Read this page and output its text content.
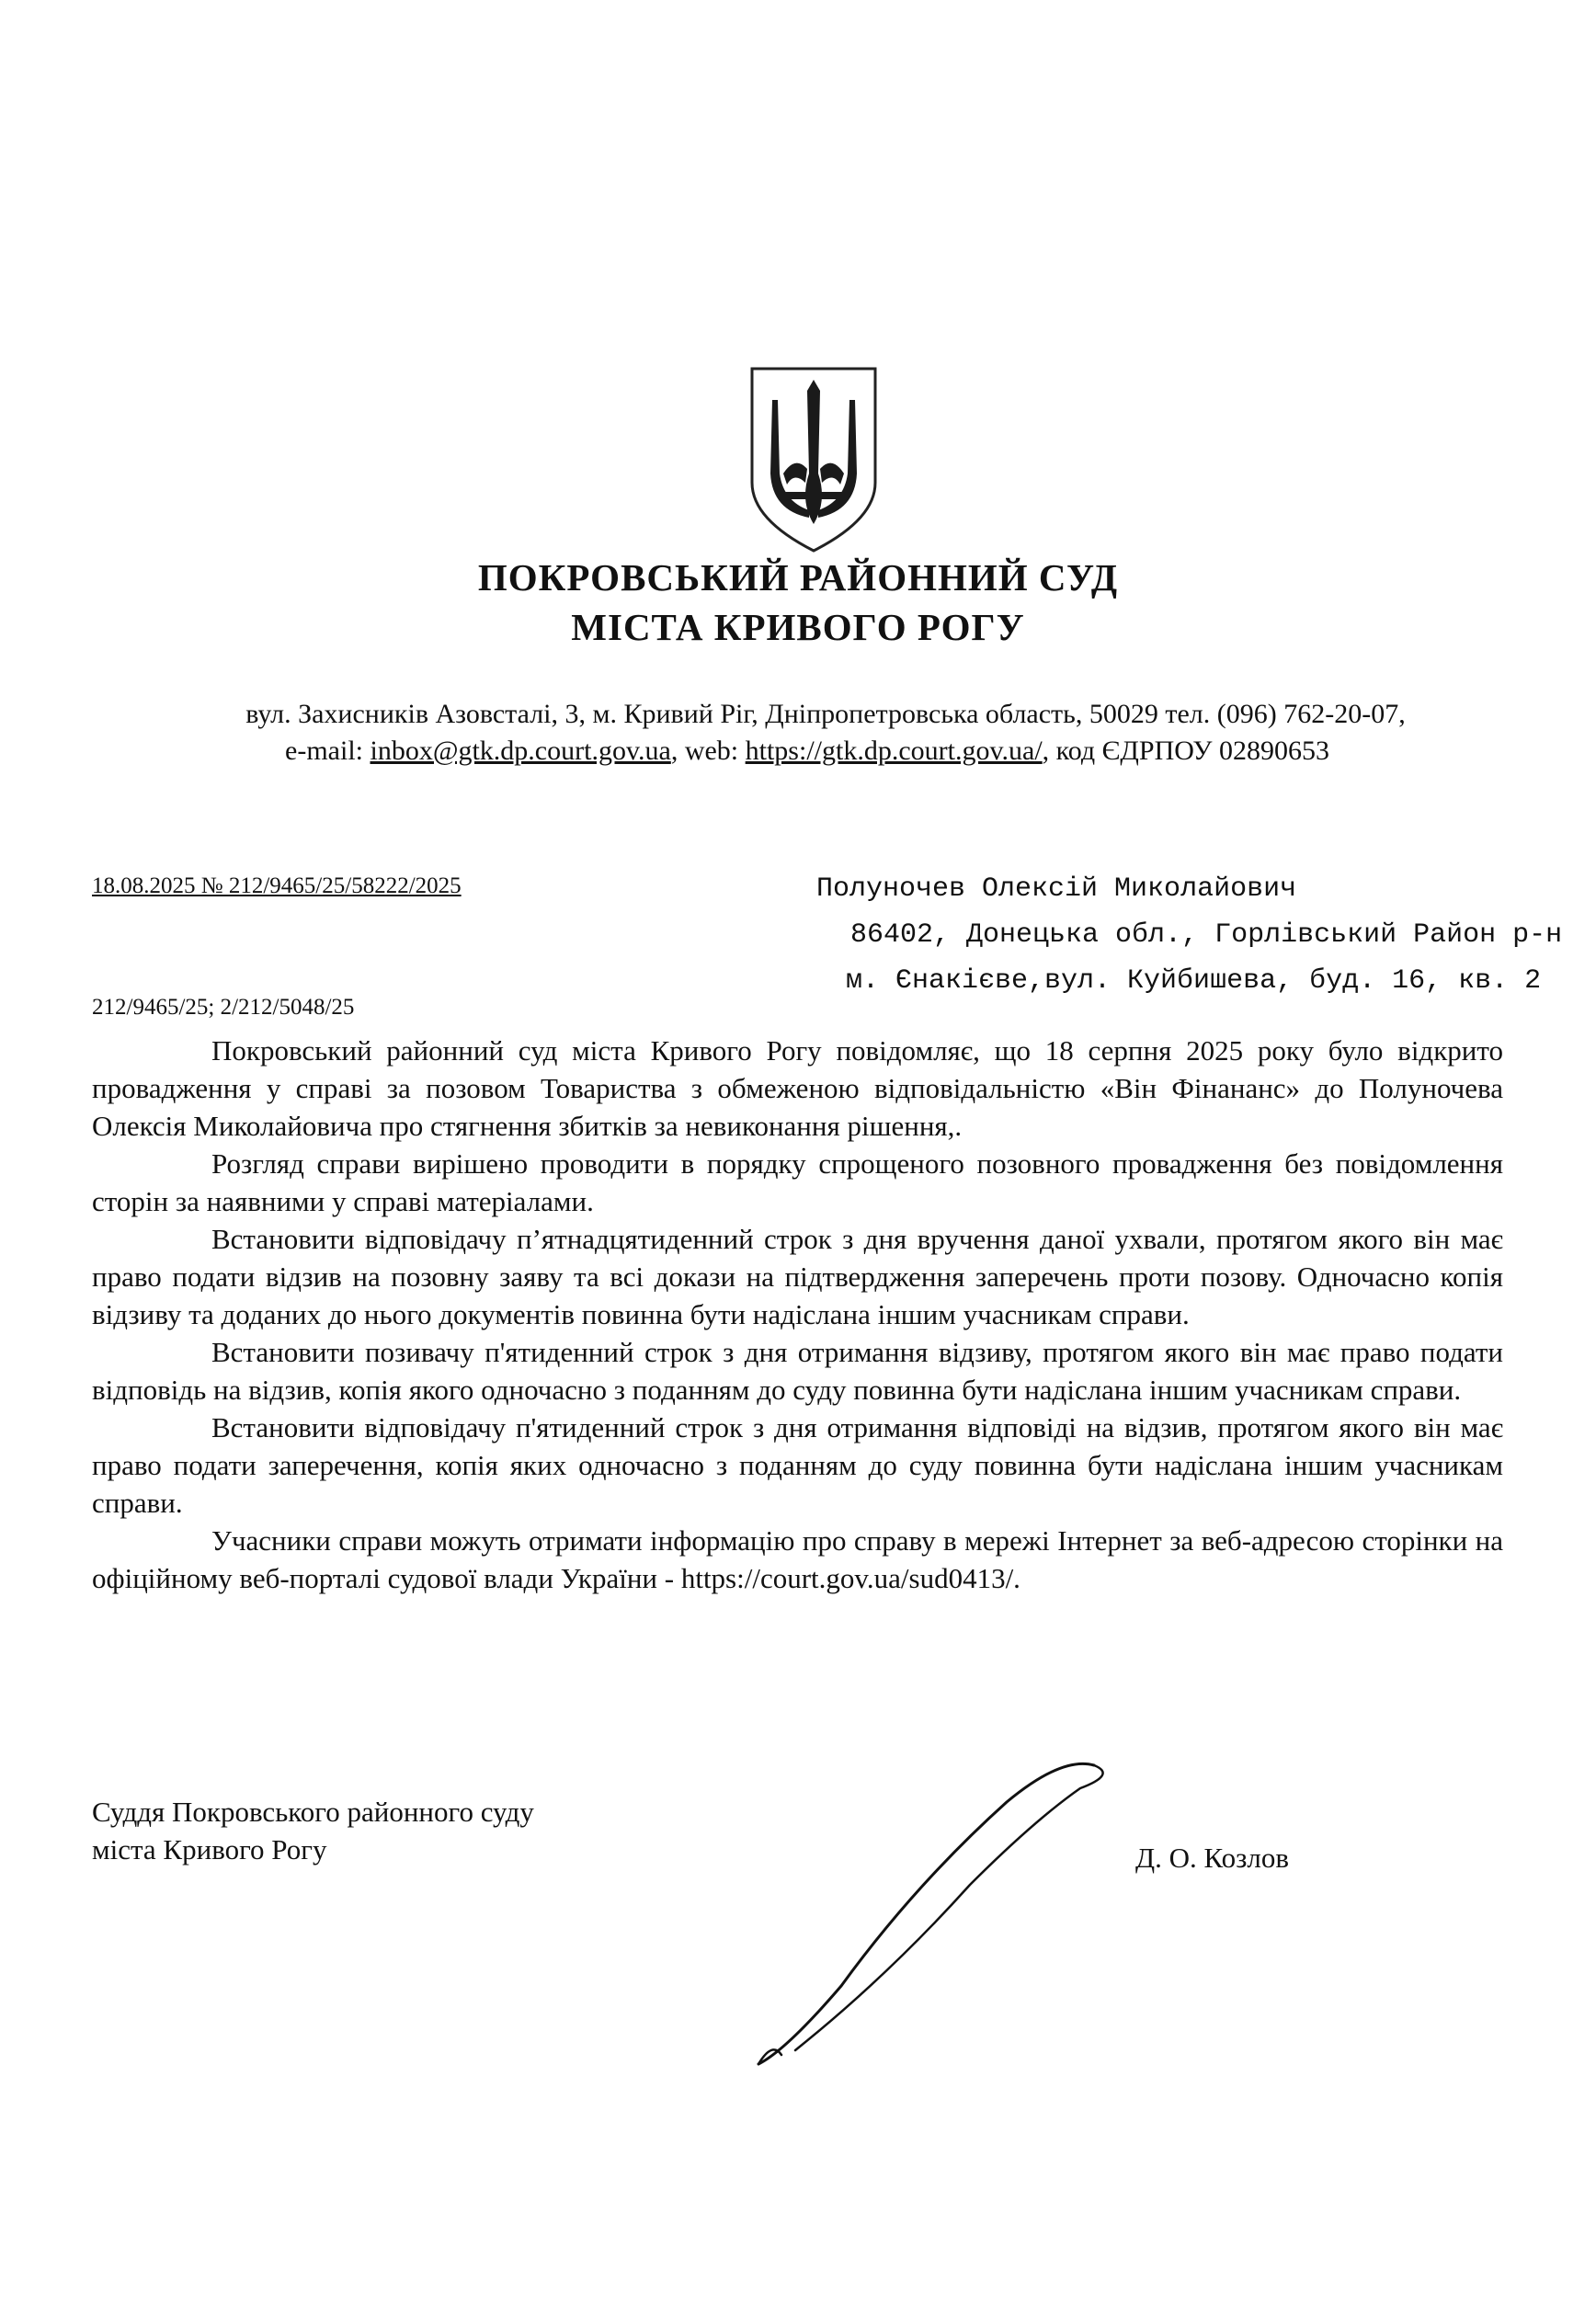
ПОКРОВСЬКИЙ РАЙОННИЙ СУД
МІСТА КРИВОГО РОГУ
вул. Захисників Азовсталі, 3, м. Кривий Ріг, Дніпропетровська область, 50029 тел. (096) 762-20-07,
e-mail: inbox@gtk.dp.court.gov.ua, web: https://gtk.dp.court.gov.ua/, код ЄДРПОУ 02890653
18.08.2025 № 212/9465/25/58222/2025
212/9465/25; 2/212/5048/25
Полуночев Олексій Миколайович
86402, Донецька обл., Горлівський Район р-н
м. Єнакієве,вул. Куйбишева, буд. 16, кв. 2

Покровський районний суд міста Кривого Рогу повідомляє, що 18 серпня 2025 року було відкрито провадження у справі за позовом Товариства з обмеженою відповідальністю «Він Фінананс» до Полуночева Олексія Миколайовича про стягнення збитків за невиконання рішення,.

Розгляд справи вирішено проводити в порядку спрощеного позовного провадження без повідомлення сторін за наявними у справі матеріалами.

Встановити відповідачу п’ятнадцятиденний строк з дня вручення даної ухвали, протягом якого він має право подати відзив на позовну заяву та всі докази на підтвердження заперечень проти позову. Одночасно копія відзиву та доданих до нього документів повинна бути надіслана іншим учасникам справи.

Встановити позивачу п'ятиденний строк з дня отримання відзиву, протягом якого він має право подати відповідь на відзив, копія якого одночасно з поданням до суду повинна бути надіслана іншим учасникам справи.

Встановити відповідачу п'ятиденний строк з дня отримання відповіді на відзив, протягом якого він має право подати заперечення, копія яких одночасно з поданням до суду повинна бути надіслана іншим учасникам справи.

Учасники справи можуть отримати інформацію про справу в мережі Інтернет за веб-адресою сторінки на офіційному веб-порталі судової влади України - https://court.gov.ua/sud0413/.

Суддя Покровського районного суду
міста Кривого Рогу	Д. О. Козлов
